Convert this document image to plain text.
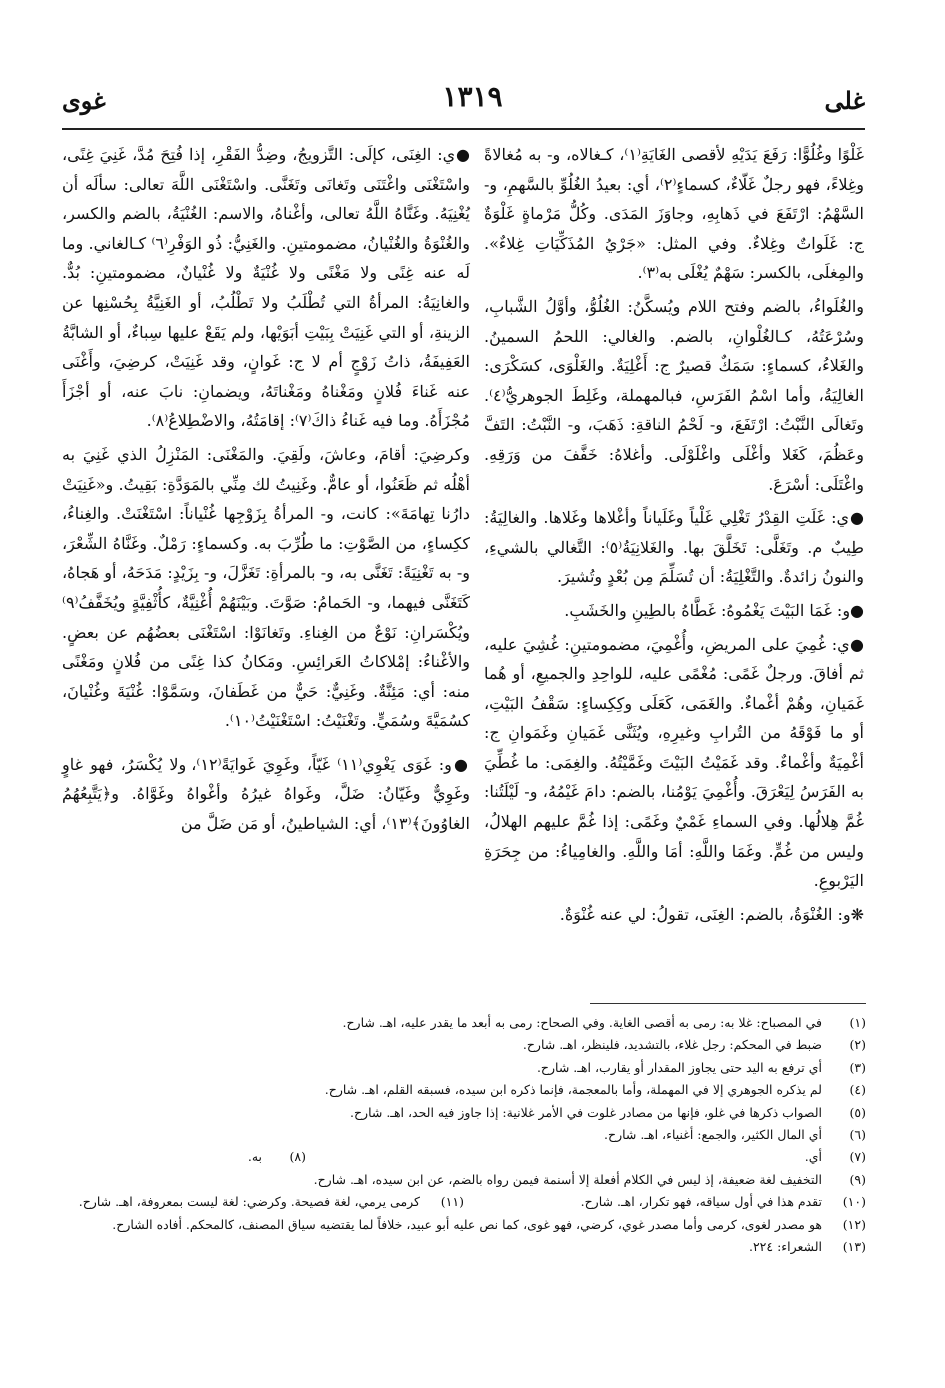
غلى
١٣١٩
غوى

غَلْوًا وغُلُوًّا: رَفَعَ يَدَيْهِ لأقصى الغَايَةِ⁽١⁾، كـغالاه، و- به مُغالاةً وغِلاءً، فهو رجلٌ غَلّاءٌ، كسماءٍ⁽٢⁾، أي: بعيدُ الغُلُوِّ بالسَّهمِ، و- السَّهْمُ: ارْتَفَعَ في ذَهابِهِ، وجاوَزَ المَدَى. وكُلُّ مَرْماةٍ غَلْوَةٌ ج: غَلَواتٌ وغِلاءٌ. وفي المثل: «جَرْيُ المُذَكِّيَاتِ غِلاءٌ». والمِغلَى، بالكسر: سَهْمٌ يُغْلَى به⁽٣⁾.

والغُلَواءُ، بالضم وفتح اللام ويُسكَّنُ: الغُلُوُّ، وأوَّلُ الشَّبابِ، وسُرْعَتُهُ، كـالغُلْوانِ، بالضم. والغالي: اللحمُ السمينُ. والغَلاءُ، كسماءٍ: سَمَكٌ قصيرٌ ج: أَغْلِيَةٌ. والغَلْوَى، كسَكْرَى: الغالِيَةُ، وأما اسْمُ الفَرَسِ، فبالمهملة، وغَلِطَ الجوهريُّ⁽٤⁾. وتَغالَى النَّبْتُ: ارْتَفَعَ، و- لَحْمُ الناقةِ: ذَهَبَ، و- النَّبْتُ: التَفَّ وعَظُمَ، كَغَلا وأغْلَى واغْلَوْلَى. وأغلاهُ: خَفَّفَ من وَرَقِهِ. واغْتَلَى: أسْرَعَ.

●ي: غَلَتِ القِدْرُ تَغْلِي غَلْياً وغَلَياناً وأغْلاها وغَلاها. والغالِيَةُ: طِيبٌ م. وتَغَلَّى: تَخَلَّقَ بها. والغَلانِيَةُ⁽٥⁾: التَّغالي بالشيءِ، والنونُ زائدةٌ. والتَّغْلِيَةُ: أن تُسَلِّمَ مِن بُعْدٍ وتُشيرَ.

●و: غَمَا البَيْتَ يَغْمُوهُ: غَطَّاهُ بالطِينِ والخَشَبِ.

●ي: غُمِيَ على المريضِ، وأُغْمِيَ، مضمومتينِ: غُشِيَ عليه، ثم أفاقَ. ورجلٌ غَمًى: مُغْمًى عليه، للواحِدِ والجميعِ، أو هُما غَمَيانِ، وهُمْ أغْماءٌ. والغَمَى، كَعَلَى وكِكِساءٍ: سَقْفُ البَيْتِ، أو ما فَوْقَهُ من التُرابِ وغيرِهِ، ويُثَنَّى غَمَيانِ وغَمَوانِ ج: أغْمِيَةٌ وأغْماءٌ. وقد غَمَيْتُ البَيْتَ وغَمَّيْتُهُ. والغِمَى: ما غُطِّيَ به الفَرَسُ لِيَعْرَقَ. وأُغْمِيَ يَوْمُنا، بالضم: دامَ غَيْمُهُ، و- لَيْلَتُنا: غُمَّ هِلالُها. وفي السماءِ غَمْيٌ وغَمًى: إذا غُمَّ عليهم الهلالُ، وليس من غُمٍّ. وغَمَا واللَّهِ: أمَا واللَّهِ. والغامِياءُ: من جِحَرَةِ اليَرْبوعِ.

❋و: الغُنْوَةُ، بالضم: الغِنَى، تقولُ: لي عنه غُنْوَةٌ.

●ي: الغِنَى، كإلَى: التَّزويجُ، وضِدُّ الفَقْرِ، إذا فُتِحَ مُدَّ، غَنِيَ غِنًى، واسْتَغْنَى واغْتَنَى وتَغانَى وتَغَنَّى. واسْتَغْنَى اللَّهَ تعالى: سألَه أن يُغْنِيَهُ. وغَنَّاهُ اللَّهُ تعالى، وأغْناهُ، والاسم: الغُنْيَةُ، بالضم والكسر، والغُنْوَةُ والغُنْيانُ، مضمومتينِ. والغَنِيُّ: ذُو الوَفْرِ⁽٦⁾ كـالغاني. وما لَه عنه غِنًى ولا مَغْنًى ولا غُنْيَةٌ ولا غُنْيانٌ، مضمومتينِ: بُدٌّ. والغانِيَةُ: المرأةُ التي تُطْلَبُ ولا تَطْلُبُ، أو الغَنِيَّةُ بِحُسْنِها عن الزينةِ، أو التي غَنِيَتْ بِبَيْتِ أبَوَيْها، ولم يَقَعْ عليها سِباءٌ، أو الشابَّةُ العَفِيفَةُ، ذاتُ زَوْجٍ أم لا ج: غَوانٍ، وقد غَنِيَتْ، كرضِيَ، وأَغْنَى عنه غَناءَ فُلانٍ ومَغْناهُ ومَغْناتَهُ، ويضمانِ: نابَ عنه، أو أجْزَأَ مُجْزَأَهُ. وما فيه غَناءُ ذاكَ⁽٧⁾: إقامَتُهُ، والاضْطِلاعُ⁽٨⁾.

وكرضِيَ: أقامَ، وعاشَ، ولَقِيَ. والمَغْنَى: المَنْزِلُ الذي غَنِيَ به أهْلُه ثم ظَعَنُوا، أو عامٌّ. وغَنِيتُ لك مِنِّي بالمَوَدَّةِ: بَقِيتُ. و«غَنِيَتْ دارُنا تِهامَةَ»: كانت، و- المرأةُ بِزَوْجِها غُنْياناً: اسْتَغْنَتْ. والغِناءُ، ككِساءٍ، من الصَّوْتِ: ما طُرِّبَ به. وكسماءٍ: رَمْلٌ. وغَنَّاهُ الشِّعْرَ، و- به تَغْنِيَةً: تَغَنَّى به، و- بالمرأةِ: تَغَزَّلَ، و- بِزَيْدٍ: مَدَحَهُ، أو هَجاهُ، كَتَغَنَّى فيهما، و- الحَمامُ: صَوَّتَ. وبَيْنَهُمْ أُغْنِيَّةٌ، كأُثْفِيَّةٍ ويُخَفَّفُ⁽٩⁾ ويُكْسَرانِ: نَوْعٌ من الغِناءِ. وتَغانَوْا: اسْتَغْنَى بعضُهُم عن بعضٍ. والأغْناءُ: إمْلاكاتُ العَرائِسِ. ومَكانُ كذا غِنًى من فُلانٍ ومَغْنًى منه: أي: مَئِنَّةٌ. وغَنِيٌّ: حَيٌّ من غَطَفانَ، وسَمَّوْا: غُنْيَةَ وغُنْيانَ، كسُمَيَّةَ وسُمَيٍّ. وتَغْنَيْتُ: اسْتَغْنَيْتُ⁽١٠⁾.

●و: غَوَى يَغْوِي⁽١١⁾ غَيّاً، وغَوِيَ غَوايَةً⁽١٢⁾، ولا يُكْسَرُ، فهو غاوٍ وغَوِيٌّ وغَيّانُ: ضَلَّ، وغَواهُ غيرُهُ وأغْواهُ وغَوَّاهُ. و﴿يَتَّبِعُهُمُ الغاوُونَ﴾⁽١٣⁾، أي: الشياطينُ، أو مَن ضَلَّ من

(١)
في المصباح: غلا به: رمى به أقصى الغاية. وفي الصحاح: رمى به أبعد ما يقدر عليه، اهـ. شارح.
(٢)
ضبط في المحكم: رجل غلاء، بالتشديد، فلينظر، اهـ. شارح.
(٣)
أي ترفع به اليد حتى يجاوز المقدار أو يقارب، اهـ. شارح.
(٤)
لم يذكره الجوهري إلا في المهملة، وأما بالمعجمة، فإنما ذكره ابن سيده، فسبقه القلم، اهـ. شارح.
(٥)
الصواب ذكرها في غلو، فإنها من مصادر غلوت في الأمر غلانية: إذا جاوز فيه الحد، اهـ. شارح.
(٦)
أي المال الكثير، والجمع: أغنياء، اهـ. شارح.
(٧)
أي.
(٨)
به.
(٩)
التخفيف لغة ضعيفة، إذ ليس في الكلام أفعلة إلا أسنمة فيمن رواه بالضم، عن ابن سيده، اهـ. شارح.
(١٠)
تقدم هذا في أول سياقه، فهو تكرار، اهـ. شارح.
(١١)
كرمى يرمي، لغة فصيحة. وكرضي: لغة ليست بمعروفة، اهـ. شارح.
(١٢)
هو مصدر لغوى، كرمى وأما مصدر غوي، كرضي، فهو غوى، كما نص عليه أبو عبيد، خلافاً لما يقتضيه سياق المصنف، كالمحكم. أفاده الشارح.
(١٣)
الشعراء: ٢٢٤.
